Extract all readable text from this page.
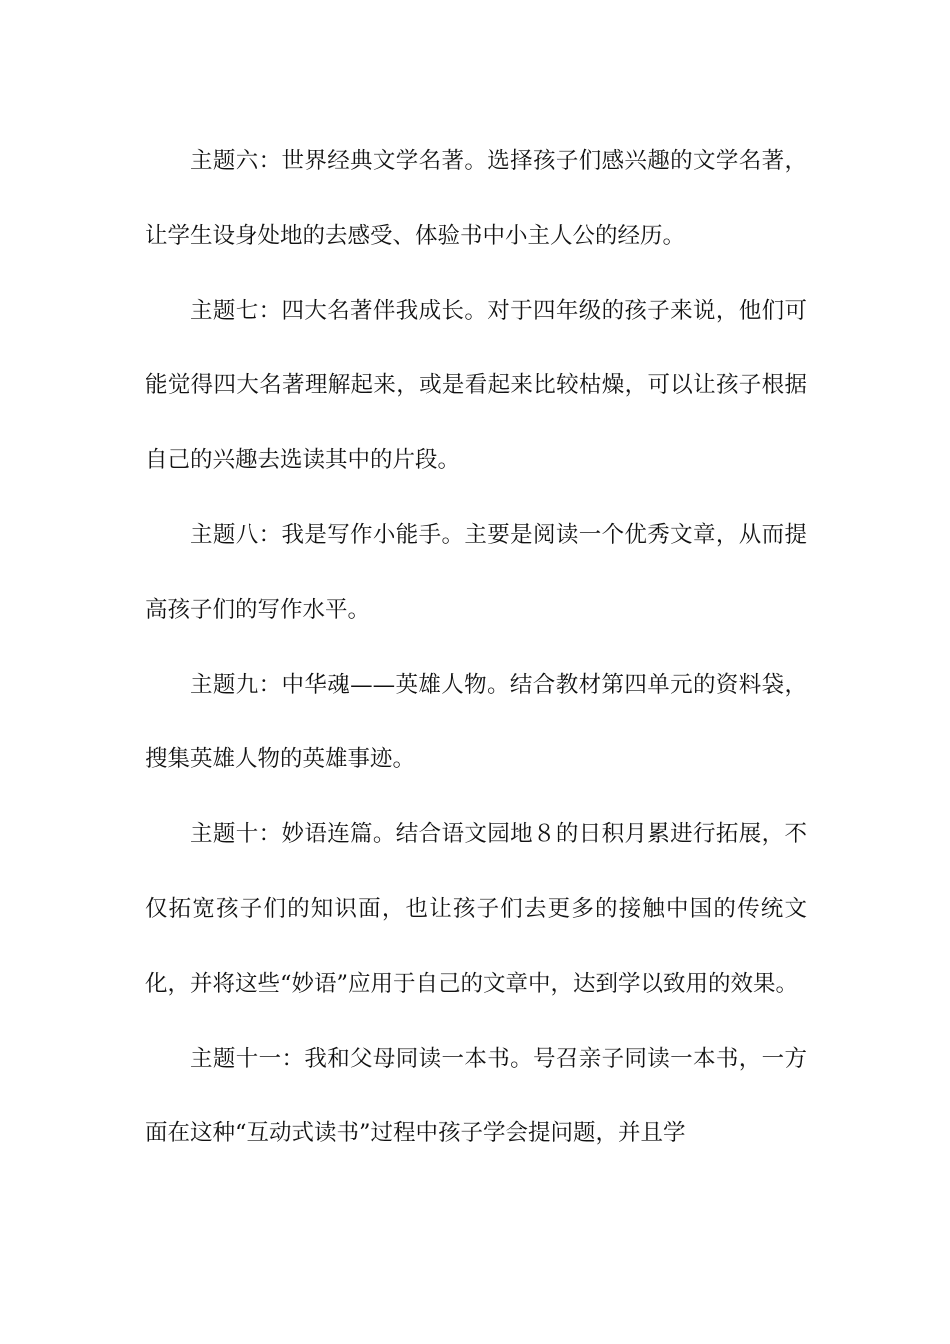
主题六：世界经典文学名著。选择孩子们感兴趣的文学名著，让学生设身处地的去感受、体验书中小主人公的经历。

主题七：四大名著伴我成长。对于四年级的孩子来说，他们可能觉得四大名著理解起来，或是看起来比较枯燥，可以让孩子根据自己的兴趣去选读其中的片段。

主题八：我是写作小能手。主要是阅读一个优秀文章，从而提高孩子们的写作水平。

主题九：中华魂——英雄人物。结合教材第四单元的资料袋，搜集英雄人物的英雄事迹。

主题十：妙语连篇。结合语文园地８的日积月累进行拓展，不仅拓宽孩子们的知识面，也让孩子们去更多的接触中国的传统文化，并将这些“妙语”应用于自己的文章中，达到学以致用的效果。

主题十一：我和父母同读一本书。号召亲子同读一本书，一方面在这种“互动式读书”过程中孩子学会提问题，并且学
